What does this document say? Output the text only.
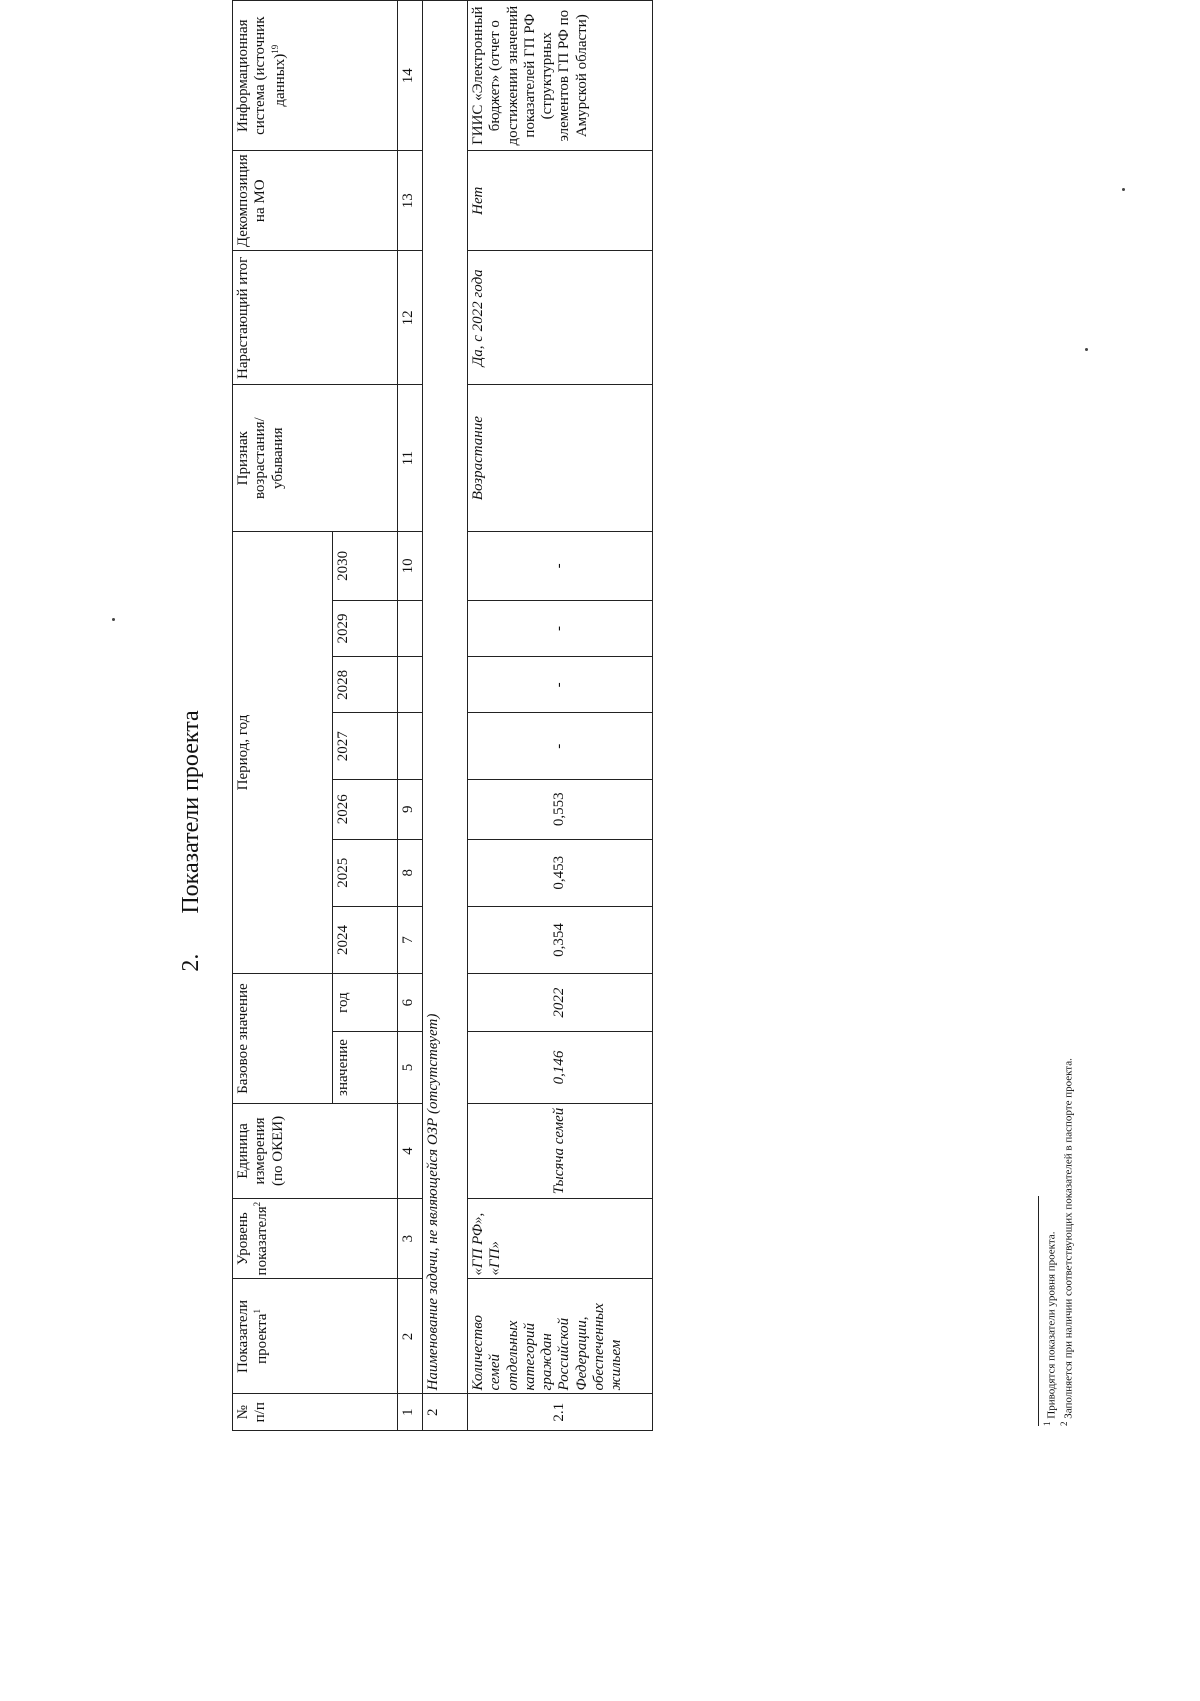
2. Показатели проекта
№ п/п	Показатели проекта$^1$	Уровень показателя$^2$	Единица измерения (по ОКЕИ)	Базовое значение		Период, год							Признак возрастания/убывания	Нарастающий итог	Декомпозиция на МО	Информационная система (источник данных)$^{19}$
				значение	год	2024	2025	2026	2027	2028	2029	2030				
1	2	3	4	5	6	7	8	9				10	11	12	13	14
2	Наименование задачи, не являющейся ОЗР (отсутствует)															
2.1	Количество семей отдельных категорий граждан Российской Федерации, обеспеченных жильем	«ГП РФ», «ГП»	Тысяча семей	0,146	2022	0,354	0,453	0,553	-	-	-	-	Возрастание	Да, с 2022 года	Нет	ГИИС «Электронный бюджет» (отчет о достижении значений показателей ГП РФ (структурных элементов ГП РФ по Амурской области)
$^1$ Приводятся показатели уровня проекта.
$^2$ Заполняется при наличии соответствующих показателей в паспорте проекта.
